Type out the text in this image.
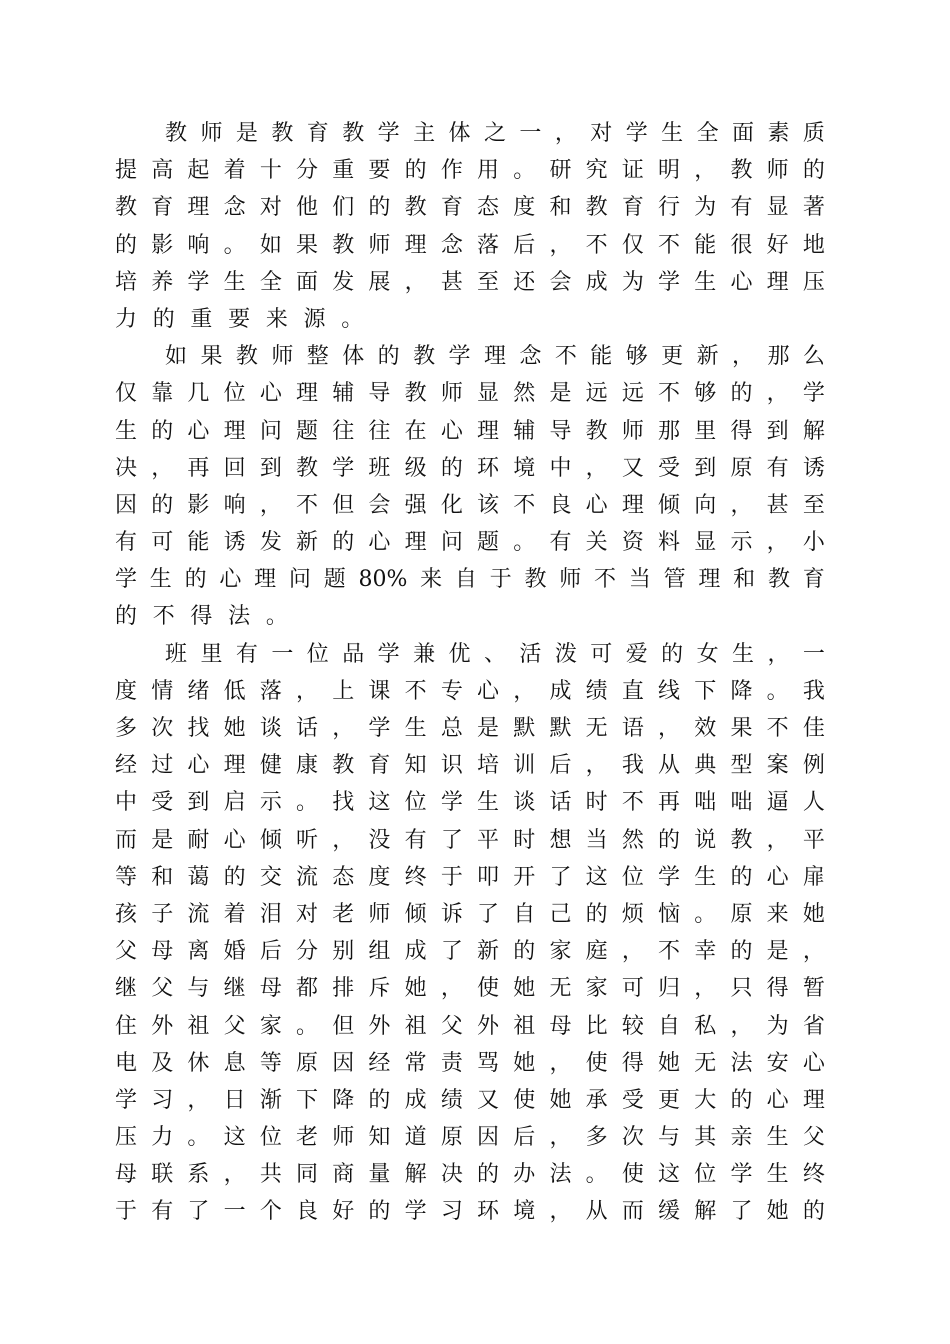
教 师 是 教 育 教 学 主 体 之 一 ， 对 学 生 全 面 素 质
提 高 起 着 十 分 重 要 的 作 用 。 研 究 证 明 ， 教 师 的
教 育 理 念 对 他 们 的 教 育 态 度 和 教 育 行 为 有 显 著
的 影 响 。 如 果 教 师 理 念 落 后 ， 不 仅 不 能 很 好 地
培 养 学 生 全 面 发 展 ， 甚 至 还 会 成 为 学 生 心 理 压
力 的 重 要 来 源 。
如 果 教 师 整 体 的 教 学 理 念 不 能 够 更 新 ， 那 么
仅 靠 几 位 心 理 辅 导 教 师 显 然 是 远 远 不 够 的 ， 学
生 的 心 理 问 题 往 往 在 心 理 辅 导 教 师 那 里 得 到 解
决 ， 再 回 到 教 学 班 级 的 环 境 中 ， 又 受 到 原 有 诱
因 的 影 响 ， 不 但 会 强 化 该 不 良 心 理 倾 向 ， 甚 至
有 可 能 诱 发 新 的 心 理 问 题 。 有 关 资 料 显 示 ， 小
学 生 的 心 理 问 题 80% 来 自 于 教 师 不 当 管 理 和 教 育
的 不 得 法 。
班 里 有 一 位 品 学 兼 优 、 活 泼 可 爱 的 女 生 ， 一
度 情 绪 低 落 ， 上 课 不 专 心 ， 成 绩 直 线 下 降 。 我
多 次 找 她 谈 话 ， 学 生 总 是 默 默 无 语 ， 效 果 不 佳
经 过 心 理 健 康 教 育 知 识 培 训 后 ， 我 从 典 型 案 例
中 受 到 启 示 。 找 这 位 学 生 谈 话 时 不 再 咄 咄 逼 人
而 是 耐 心 倾 听 ， 没 有 了 平 时 想 当 然 的 说 教 ， 平
等 和 蔼 的 交 流 态 度 终 于 叩 开 了 这 位 学 生 的 心 扉
孩 子 流 着 泪 对 老 师 倾 诉 了 自 己 的 烦 恼 。 原 来 她
父 母 离 婚 后 分 别 组 成 了 新 的 家 庭 ， 不 幸 的 是 ，
继 父 与 继 母 都 排 斥 她 ， 使 她 无 家 可 归 ， 只 得 暂
住 外 祖 父 家 。 但 外 祖 父 外 祖 母 比 较 自 私 ， 为 省
电 及 休 息 等 原 因 经 常 责 骂 她 ， 使 得 她 无 法 安 心
学 习 ， 日 渐 下 降 的 成 绩 又 使 她 承 受 更 大 的 心 理
压 力 。 这 位 老 师 知 道 原 因 后 ， 多 次 与 其 亲 生 父
母 联 系 ， 共 同 商 量 解 决 的 办 法 。 使 这 位 学 生 终
于 有 了 一 个 良 好 的 学 习 环 境 ， 从 而 缓 解 了 她 的
